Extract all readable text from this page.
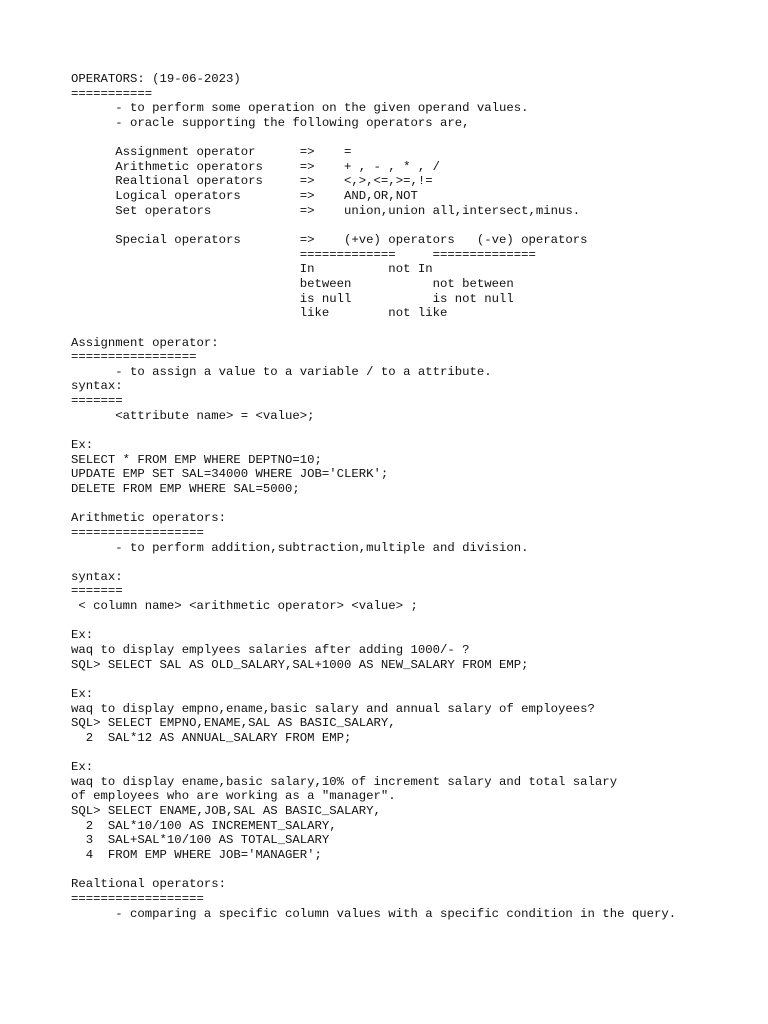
OPERATORS: (19-06-2023)
===========
- to perform some operation on the given operand values.
- oracle supporting the following operators are,
Assignment operator      =>    =
Arithmetic operators     =>    + , - , * , /
Realtional operators     =>    <,>,<=,>=,!=
Logical operators        =>    AND,OR,NOT
Set operators            =>    union,union all,intersect,minus.
Special operators        =>    (+ve) operators   (-ve) operators
=============     ==============
In          not In
between           not between
is null           is not null
like        not like
Assignment operator:
=================
- to assign a value to a variable / to a attribute.
syntax:
=======
<attribute name> = <value>;
Ex:
SELECT * FROM EMP WHERE DEPTNO=10;
UPDATE EMP SET SAL=34000 WHERE JOB='CLERK';
DELETE FROM EMP WHERE SAL=5000;
Arithmetic operators:
==================
- to perform addition,subtraction,multiple and division.
syntax:
=======
< column name> <arithmetic operator> <value> ;
Ex:
waq to display emplyees salaries after adding 1000/- ?
SQL> SELECT SAL AS OLD_SALARY,SAL+1000 AS NEW_SALARY FROM EMP;
Ex:
waq to display empno,ename,basic salary and annual salary of employees?
SQL> SELECT EMPNO,ENAME,SAL AS BASIC_SALARY,
2  SAL*12 AS ANNUAL_SALARY FROM EMP;
Ex:
waq to display ename,basic salary,10% of increment salary and total salary
of employees who are working as a "manager".
SQL> SELECT ENAME,JOB,SAL AS BASIC_SALARY,
2  SAL*10/100 AS INCREMENT_SALARY,
3  SAL+SAL*10/100 AS TOTAL_SALARY
4  FROM EMP WHERE JOB='MANAGER';
Realtional operators:
==================
- comparing a specific column values with a specific condition in the query.
